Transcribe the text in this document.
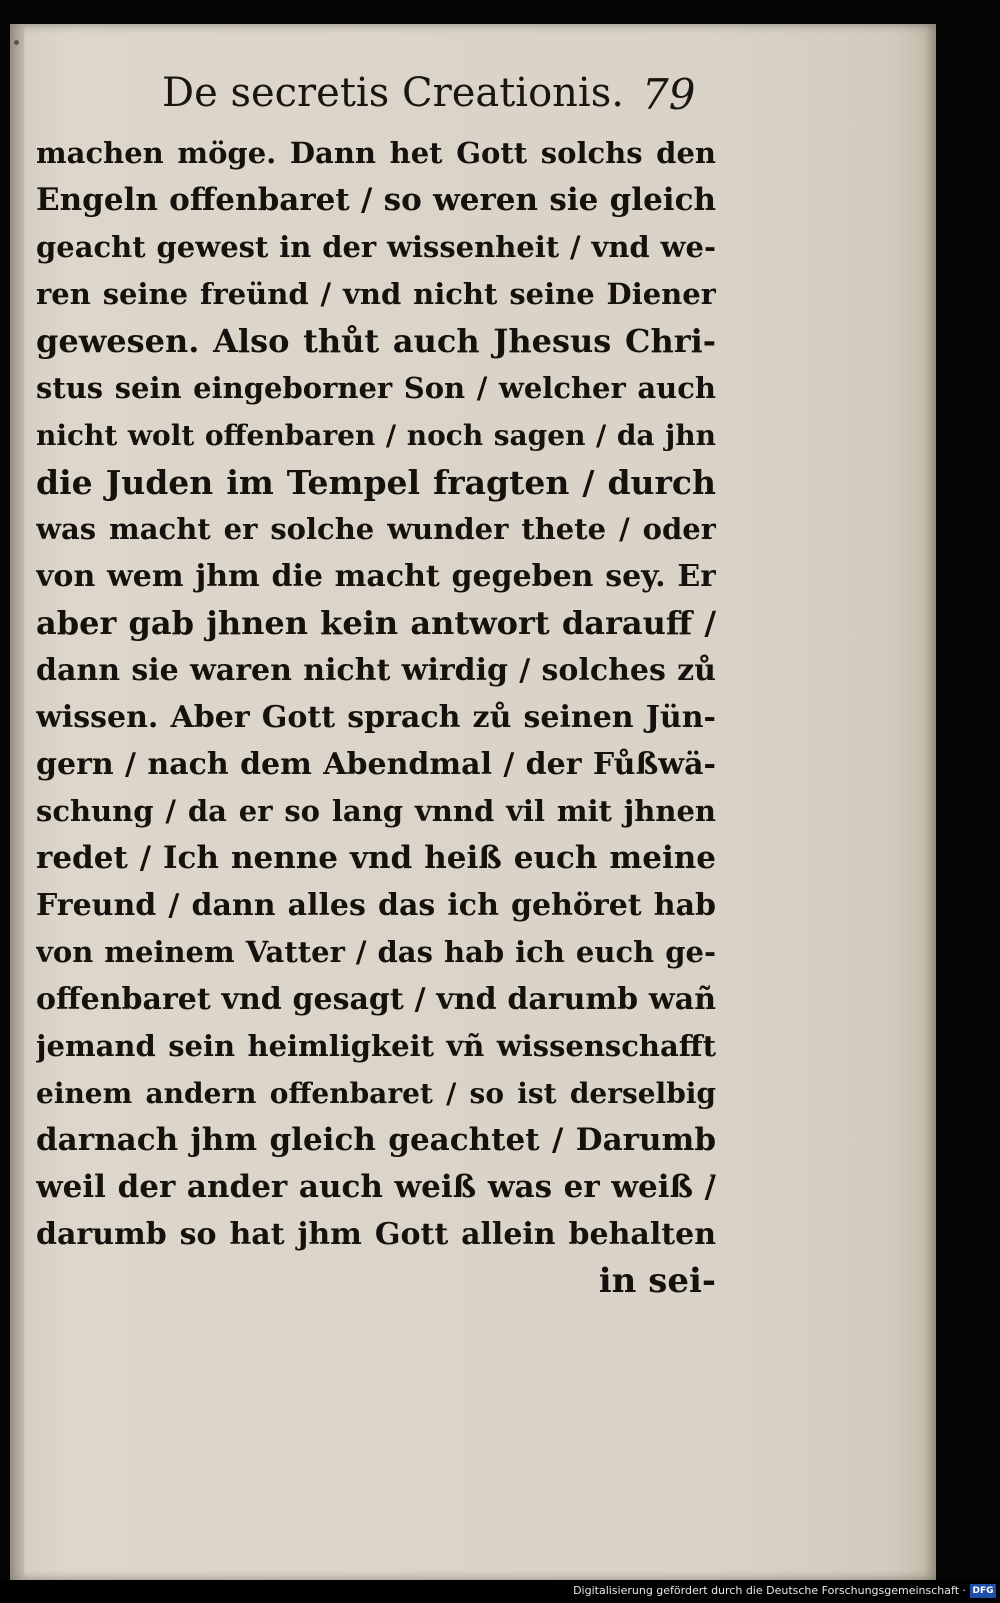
De secretis Creationis. 79
machen möge. Dann het Gott solchs den
Engeln offenbaret / so weren sie gleich
geacht gewest in der wissenheit / vnd we-
ren seine freünd / vnd nicht seine Diener
gewesen. Also thůt auch Jhesus Chri-
stus sein eingeborner Son / welcher auch
nicht wolt offenbaren / noch sagen / da jhn
die Juden im Tempel fragten / durch
was macht er solche wunder thete / oder
von wem jhm die macht gegeben sey. Er
aber gab jhnen kein antwort darauff /
dann sie waren nicht wirdig / solches zů
wissen. Aber Gott sprach zů seinen Jün-
gern / nach dem Abendmal / der Fůßwä-
schung / da er so lang vnnd vil mit jhnen
redet / Ich nenne vnd heiß euch meine
Freund / dann alles das ich gehöret hab
von meinem Vatter / das hab ich euch ge-
offenbaret vnd gesagt / vnd darumb wañ
jemand sein heimligkeit vñ wissenschafft
einem andern offenbaret / so ist derselbig
darnach jhm gleich geachtet / Darumb
weil der ander auch weiß was er weiß /
darumb so hat jhm Gott allein behalten
in sei-
Digitalisierung gefördert durch die Deutsche Forschungsgemeinschaft · DFG
